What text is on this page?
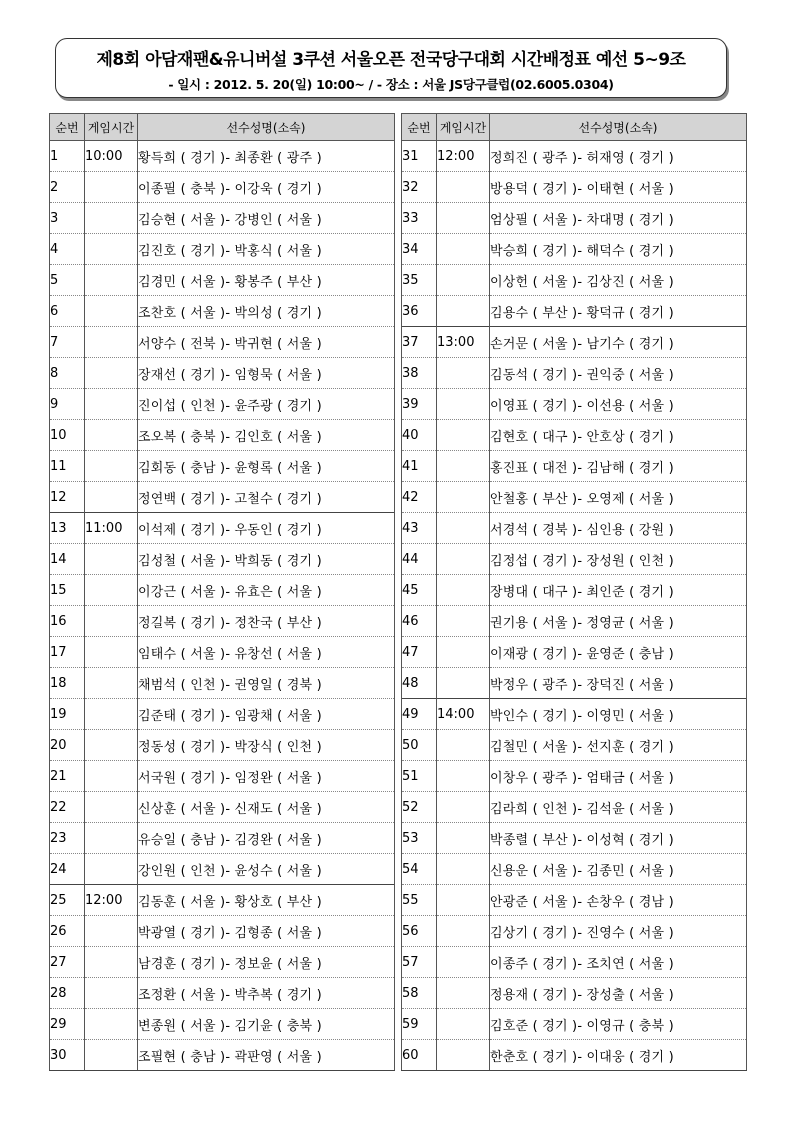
제8회 아담재팬&유니버설 3쿠션 서울오픈 전국당구대회 시간배정표 예선 5~9조
- 일시 : 2012. 5. 20(일) 10:00~ / - 장소 : 서울 JS당구클럽(02.6005.0304)
순번	게임시간	선수성명(소속)
1	10:00	황득희 ( 경기 )- 최종환 ( 광주 )
2		이종필 ( 충북 )- 이강욱 ( 경기 )
3		김승현 ( 서울 )- 강병인 ( 서울 )
4		김진호 ( 경기 )- 박홍식 ( 서울 )
5		김경민 ( 서울 )- 황봉주 ( 부산 )
6		조찬호 ( 서울 )- 박의성 ( 경기 )
7		서양수 ( 전북 )- 박귀현 ( 서울 )
8		장재선 ( 경기 )- 임형묵 ( 서울 )
9		진이섭 ( 인천 )- 윤주광 ( 경기 )
10		조오복 ( 충북 )- 김인호 ( 서울 )
11		김회동 ( 충남 )- 윤형록 ( 서울 )
12		정연백 ( 경기 )- 고철수 ( 경기 )
13	11:00	이석제 ( 경기 )- 우동인 ( 경기 )
14		김성철 ( 서울 )- 박희동 ( 경기 )
15		이강근 ( 서울 )- 유효은 ( 서울 )
16		정길복 ( 경기 )- 정찬국 ( 부산 )
17		임태수 ( 서울 )- 유창선 ( 서울 )
18		채범석 ( 인천 )- 권영일 ( 경북 )
19		김준태 ( 경기 )- 임광채 ( 서울 )
20		정동성 ( 경기 )- 박장식 ( 인천 )
21		서국원 ( 경기 )- 임정완 ( 서울 )
22		신상훈 ( 서울 )- 신재도 ( 서울 )
23		유승일 ( 충남 )- 김경완 ( 서울 )
24		강인원 ( 인천 )- 윤성수 ( 서울 )
25	12:00	김동훈 ( 서울 )- 황상호 ( 부산 )
26		박광열 ( 경기 )- 김형종 ( 서울 )
27		남경훈 ( 경기 )- 정보윤 ( 서울 )
28		조정환 ( 서울 )- 박추복 ( 경기 )
29		변종원 ( 서울 )- 김기윤 ( 충북 )
30		조필현 ( 충남 )- 곽판영 ( 서울 )
순번	게임시간	선수성명(소속)
31	12:00	정희진 ( 광주 )- 허재영 ( 경기 )
32		방용덕 ( 경기 )- 이태현 ( 서울 )
33		엄상필 ( 서울 )- 차대명 ( 경기 )
34		박승희 ( 경기 )- 해덕수 ( 경기 )
35		이상헌 ( 서울 )- 김상진 ( 서울 )
36		김용수 ( 부산 )- 황덕규 ( 경기 )
37	13:00	손거문 ( 서울 )- 남기수 ( 경기 )
38		김동석 ( 경기 )- 권익중 ( 서울 )
39		이영표 ( 경기 )- 이선용 ( 서울 )
40		김현호 ( 대구 )- 안호상 ( 경기 )
41		홍진표 ( 대전 )- 김남해 ( 경기 )
42		안철홍 ( 부산 )- 오영제 ( 서울 )
43		서경석 ( 경북 )- 심인용 ( 강원 )
44		김정섭 ( 경기 )- 장성원 ( 인천 )
45		장병대 ( 대구 )- 최인준 ( 경기 )
46		권기용 ( 서울 )- 정영균 ( 서울 )
47		이재광 ( 경기 )- 윤영준 ( 충남 )
48		박정우 ( 광주 )- 장덕진 ( 서울 )
49	14:00	박인수 ( 경기 )- 이영민 ( 서울 )
50		김철민 ( 서울 )- 선지훈 ( 경기 )
51		이창우 ( 광주 )- 엄태금 ( 서울 )
52		김라희 ( 인천 )- 김석윤 ( 서울 )
53		박종렬 ( 부산 )- 이성혁 ( 경기 )
54		신용운 ( 서울 )- 김종민 ( 서울 )
55		안광준 ( 서울 )- 손창우 ( 경남 )
56		김상기 ( 경기 )- 진영수 ( 서울 )
57		이종주 ( 경기 )- 조치연 ( 서울 )
58		정용재 ( 경기 )- 장성출 ( 서울 )
59		김호준 ( 경기 )- 이영규 ( 충북 )
60		한춘호 ( 경기 )- 이대웅 ( 경기 )
